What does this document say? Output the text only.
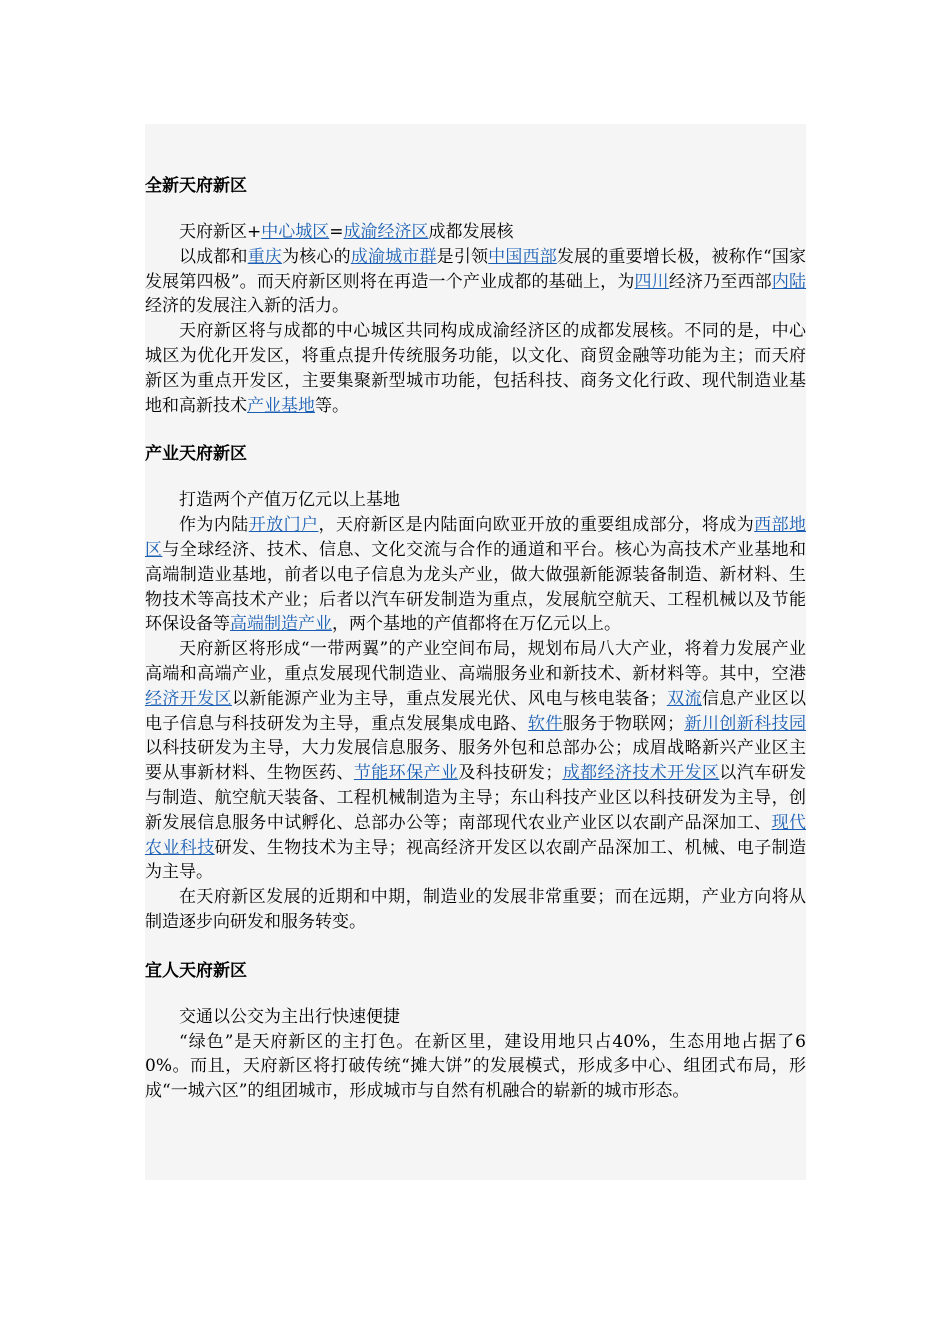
全新天府新区

天府新区+中心城区=成渝经济区成都发展核

以成都和重庆为核心的成渝城市群是引领中国西部发展的重要增长极，被称作“国家发展第四极”。而天府新区则将在再造一个产业成都的基础上，为四川经济乃至西部内陆经济的发展注入新的活力。

天府新区将与成都的中心城区共同构成成渝经济区的成都发展核。不同的是，中心城区为优化开发区，将重点提升传统服务功能，以文化、商贸金融等功能为主；而天府新区为重点开发区，主要集聚新型城市功能，包括科技、商务文化行政、现代制造业基地和高新技术产业基地等。

产业天府新区

打造两个产值万亿元以上基地

作为内陆开放门户，天府新区是内陆面向欧亚开放的重要组成部分，将成为西部地区与全球经济、技术、信息、文化交流与合作的通道和平台。核心为高技术产业基地和高端制造业基地，前者以电子信息为龙头产业，做大做强新能源装备制造、新材料、生物技术等高技术产业；后者以汽车研发制造为重点，发展航空航天、工程机械以及节能环保设备等高端制造产业，两个基地的产值都将在万亿元以上。

天府新区将形成“一带两翼”的产业空间布局，规划布局八大产业，将着力发展产业高端和高端产业，重点发展现代制造业、高端服务业和新技术、新材料等。其中，空港经济开发区以新能源产业为主导，重点发展光伏、风电与核电装备；双流信息产业区以电子信息与科技研发为主导，重点发展集成电路、软件服务于物联网；新川创新科技园以科技研发为主导，大力发展信息服务、服务外包和总部办公；成眉战略新兴产业区主要从事新材料、生物医药、节能环保产业及科技研发；成都经济技术开发区以汽车研发与制造、航空航天装备、工程机械制造为主导；东山科技产业区以科技研发为主导，创新发展信息服务中试孵化、总部办公等；南部现代农业产业区以农副产品深加工、现代农业科技研发、生物技术为主导；视高经济开发区以农副产品深加工、机械、电子制造为主导。

在天府新区发展的近期和中期，制造业的发展非常重要；而在远期，产业方向将从制造逐步向研发和服务转变。

宜人天府新区

交通以公交为主出行快速便捷

“绿色”是天府新区的主打色。在新区里，建设用地只占40%，生态用地占据了60%。而且，天府新区将打破传统“摊大饼”的发展模式，形成多中心、组团式布局，形成“一城六区”的组团城市，形成城市与自然有机融合的崭新的城市形态。
